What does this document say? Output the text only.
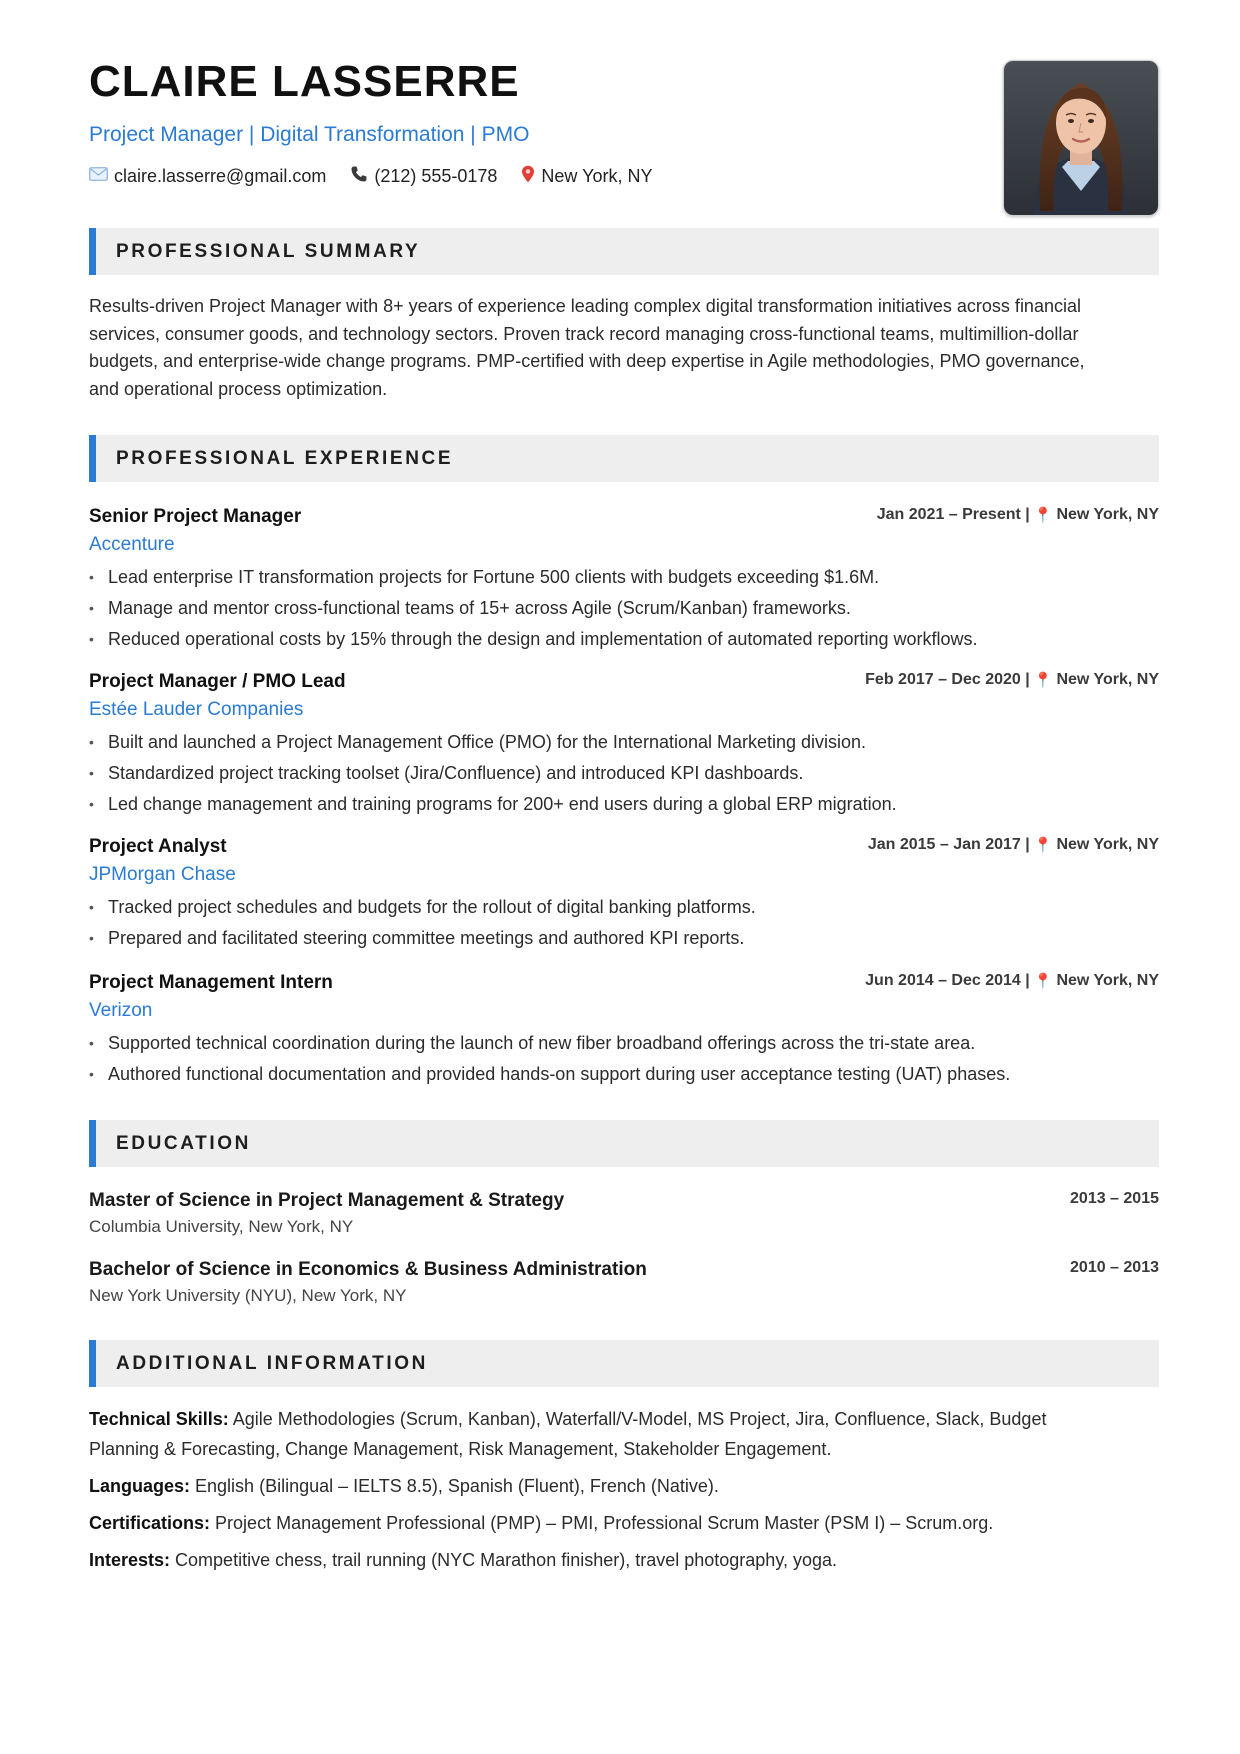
CLAIRE LASSERRE
Project Manager | Digital Transformation | PMO
claire.lasserre@gmail.com	(212) 555-0178 New York, NY
PROFESSIONAL SUMMARY
Results-driven Project Manager with 8+ years of experience leading complex digital transformation initiatives across financial services, consumer goods, and technology sectors. Proven track record managing cross-functional teams, multimillion-dollar budgets, and enterprise-wide change programs. PMP-certified with deep expertise in Agile methodologies, PMO governance, and operational process optimization.
PROFESSIONAL EXPERIENCE
Senior Project Manager
Accenture
Jan 2021 – Present | 📍 New York, NY
• Lead enterprise IT transformation projects for Fortune 500 clients with budgets exceeding $1.6M.
• Manage and mentor cross-functional teams of 15+ across Agile (Scrum/Kanban) frameworks.
• Reduced operational costs by 15% through the design and implementation of automated reporting workflows.
Project Manager / PMO Lead
Estée Lauder Companies
Feb 2017 – Dec 2020 | 📍 New York, NY
• Built and launched a Project Management Office (PMO) for the International Marketing division.
• Standardized project tracking toolset (Jira/Confluence) and introduced KPI dashboards.
• Led change management and training programs for 200+ end users during a global ERP migration.
Project Analyst
JPMorgan Chase
Jan 2015 – Jan 2017 | 📍 New York, NY
• Tracked project schedules and budgets for the rollout of digital banking platforms.
• Prepared and facilitated steering committee meetings and authored KPI reports.
Project Management Intern
Verizon
Jun 2014 – Dec 2014 | 📍 New York, NY
• Supported technical coordination during the launch of new fiber broadband offerings across the tri-state area.
• Authored functional documentation and provided hands-on support during user acceptance testing (UAT) phases.
EDUCATION
Master of Science in Project Management & Strategy
Columbia University, New York, NY
2013 – 2015
Bachelor of Science in Economics & Business Administration
New York University (NYU), New York, NY
2010 – 2013
ADDITIONAL INFORMATION
Technical Skills: Agile Methodologies (Scrum, Kanban), Waterfall/V-Model, MS Project, Jira, Confluence, Slack, Budget Planning & Forecasting, Change Management, Risk Management, Stakeholder Engagement.
Languages: English (Bilingual – IELTS 8.5), Spanish (Fluent), French (Native).
Certifications: Project Management Professional (PMP) – PMI, Professional Scrum Master (PSM I) – Scrum.org.
Interests: Competitive chess, trail running (NYC Marathon finisher), travel photography, yoga.
